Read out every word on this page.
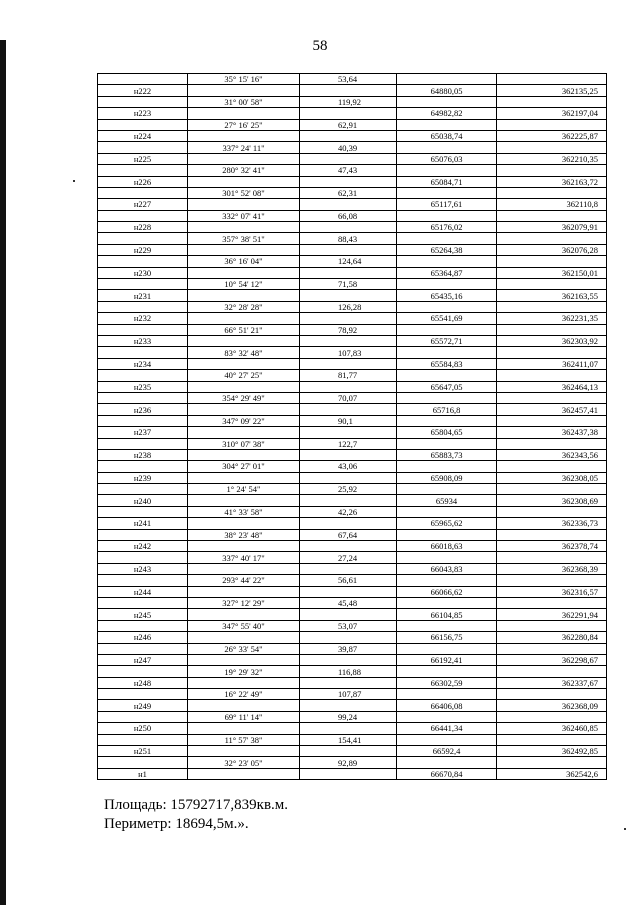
58
	35° 15' 16"	53,64		
н222			64880,05	362135,25
	31° 00' 58"	119,92		
н223			64982,82	362197,04
	27° 16' 25"	62,91		
н224			65038,74	362225,87
	337° 24' 11"	40,39		
н225			65076,03	362210,35
	280° 32' 41"	47,43		
н226			65084,71	362163,72
	301° 52' 08"	62,31		
н227			65117,61	362110,8
	332° 07' 41"	66,08		
н228			65176,02	362079,91
	357° 38' 51"	88,43		
н229			65264,38	362076,28
	36° 16' 04"	124,64		
н230			65364,87	362150,01
	10° 54' 12"	71,58		
н231			65435,16	362163,55
	32° 28' 28"	126,28		
н232			65541,69	362231,35
	66° 51' 21"	78,92		
н233			65572,71	362303,92
	83° 32' 48"	107,83		
н234			65584,83	362411,07
	40° 27' 25"	81,77		
н235			65647,05	362464,13
	354° 29' 49"	70,07		
н236			65716,8	362457,41
	347° 09' 22"	90,1		
н237			65804,65	362437,38
	310° 07' 38"	122,7		
н238			65883,73	362343,56
	304° 27' 01"	43,06		
н239			65908,09	362308,05
	1° 24' 54"	25,92		
н240			65934	362308,69
	41° 33' 58"	42,26		
н241			65965,62	362336,73
	38° 23' 48"	67,64		
н242			66018,63	362378,74
	337° 40' 17"	27,24		
н243			66043,83	362368,39
	293° 44' 22"	56,61		
н244			66066,62	362316,57
	327° 12' 29"	45,48		
н245			66104,85	362291,94
	347° 55' 40"	53,07		
н246			66156,75	362280,84
	26° 33' 54"	39,87		
н247			66192,41	362298,67
	19° 29' 32"	116,88		
н248			66302,59	362337,67
	16° 22' 49"	107,87		
н249			66406,08	362368,09
	69° 11' 14"	99,24		
н250			66441,34	362460,85
	11° 57' 38"	154,41		
н251			66592,4	362492,85
	32° 23' 05"	92,89		
н1			66670,84	362542,6
Площадь: 15792717,839кв.м.
Периметр: 18694,5м.».
